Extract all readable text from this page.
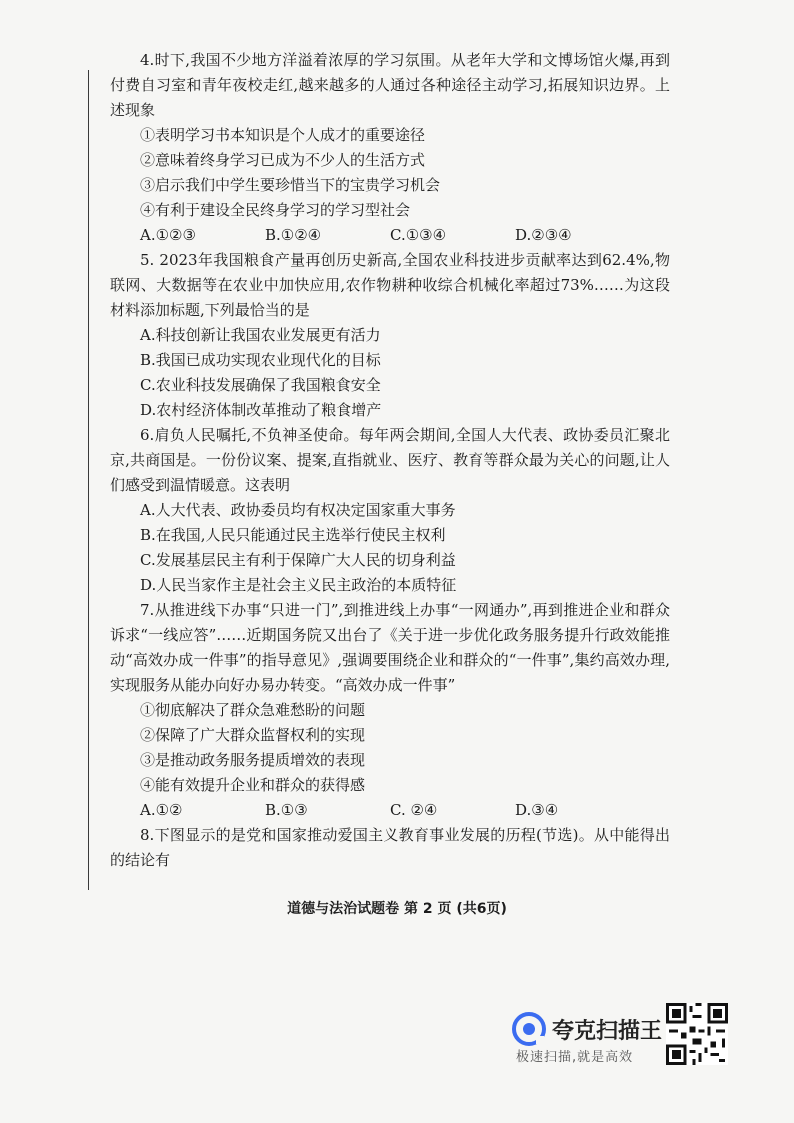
4.时下,我国不少地方洋溢着浓厚的学习氛围。从老年大学和文博场馆火爆,再到付费自习室和青年夜校走红,越来越多的人通过各种途径主动学习,拓展知识边界。上述现象

①表明学习书本知识是个人成才的重要途径

②意味着终身学习已成为不少人的生活方式

③启示我们中学生要珍惜当下的宝贵学习机会

④有利于建设全民终身学习的学习型社会

A.①②③	B.①②④	C.①③④	D.②③④

5. 2023年我国粮食产量再创历史新高,全国农业科技进步贡献率达到62.4%,物联网、大数据等在农业中加快应用,农作物耕种收综合机械化率超过73%……为这段材料添加标题,下列最恰当的是

A.科技创新让我国农业发展更有活力

B.我国已成功实现农业现代化的目标

C.农业科技发展确保了我国粮食安全

D.农村经济体制改革推动了粮食增产

6.肩负人民嘱托,不负神圣使命。每年两会期间,全国人大代表、政协委员汇聚北京,共商国是。一份份议案、提案,直指就业、医疗、教育等群众最为关心的问题,让人们感受到温情暖意。这表明

A.人大代表、政协委员均有权决定国家重大事务

B.在我国,人民只能通过民主选举行使民主权利

C.发展基层民主有利于保障广大人民的切身利益

D.人民当家作主是社会主义民主政治的本质特征

7.从推进线下办事“只进一门”,到推进线上办事“一网通办”,再到推进企业和群众诉求“一线应答”……近期国务院又出台了《关于进一步优化政务服务提升行政效能推动“高效办成一件事”的指导意见》,强调要围绕企业和群众的“一件事”,集约高效办理,实现服务从能办向好办易办转变。“高效办成一件事”

①彻底解决了群众急难愁盼的问题

②保障了广大群众监督权利的实现

③是推动政务服务提质增效的表现

④能有效提升企业和群众的获得感

A.①②	B.①③	C. ②④	D.③④

8.下图显示的是党和国家推动爱国主义教育事业发展的历程(节选)。从中能得出的结论有

道德与法治试题卷 第 2 页 (共6页)
夸克扫描王
极速扫描,就是高效
